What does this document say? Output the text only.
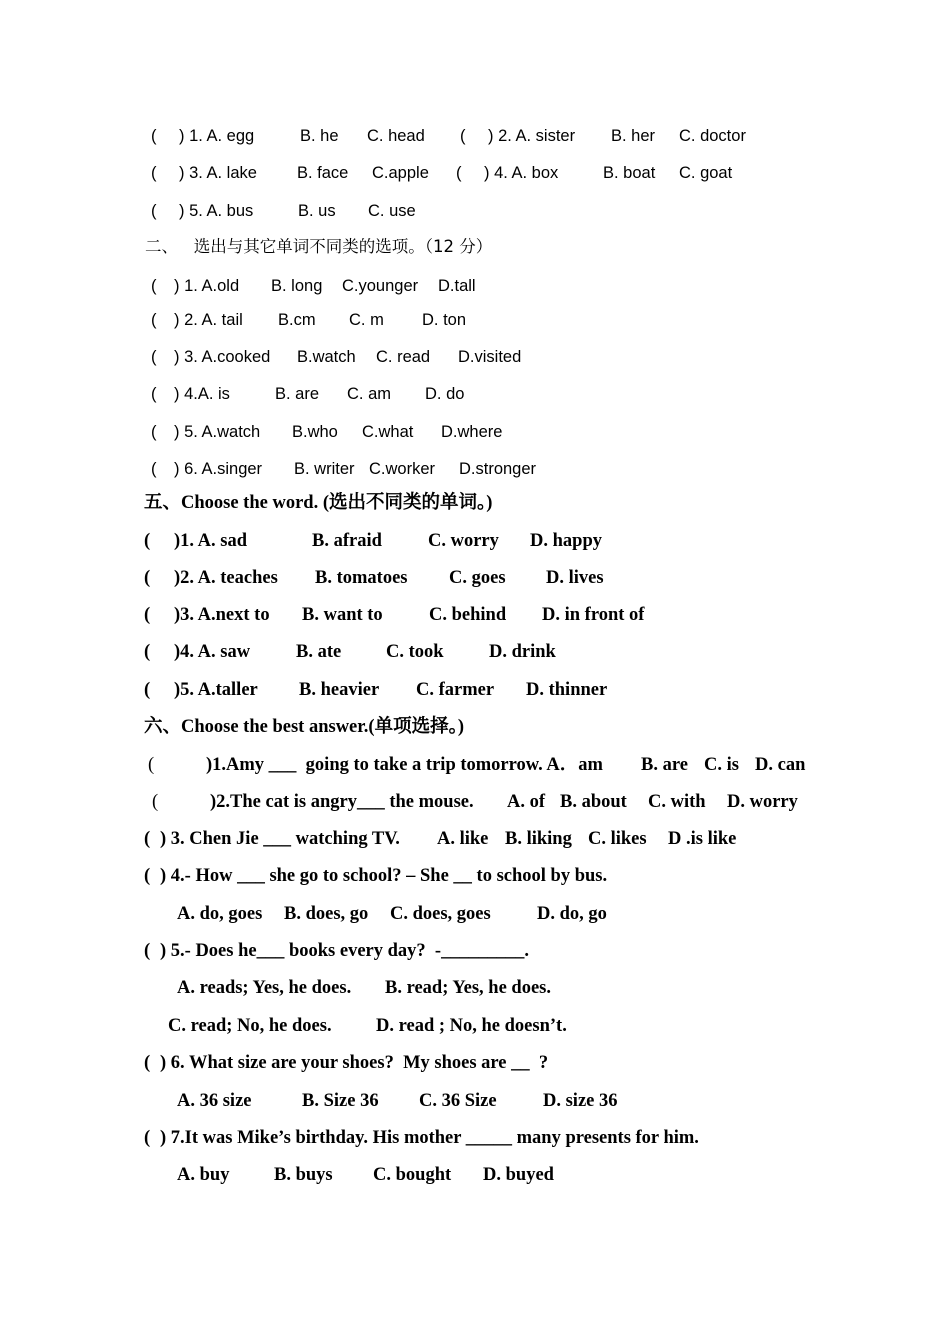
(

) 1. A. egg

	B. he

C. head

(

) 2. A. sister

B. her

C. doctor

(

) 3. A. lake

B. face

C.apple

(

) 4. A. box

	B. boat

C. goat

(

) 5. A. bus

	B. us

C. use

二、   选出与其它单词不同类的选项。（12 分）

(

) 1. A.old

B. long

C.younger

D.tall

(

) 2. A. tail

B.cm

C. m

D. ton

(

) 3. A.cooked

B.watch

C. read

D.visited

(

) 4.A. is

	B. are

C. am

D. do

(

) 5. A.watch

B.who

C.what

D.where

(

) 6. A.singer

B. writer

C.worker

D.stronger

五、Choose the word. (选出不同类的单词。)

(

)1. A. sad

	B. afraid

C. worry

D. happy

(

)2. A. teaches

B. tomatoes

C. goes

D. lives

(

)3. A.next to

B. want to

	C. behind

D. in front of

(

)4. A. saw

B. ate

C. took

D. drink

(

)5. A.taller

B. heavier

C. farmer

D. thinner

六、Choose the best answer.(单项选择。)

(

	)1.Amy ___  going to take a trip tomorrow. A．am

B. are

C. is

D. can

(

	)2.The cat is angry___ the mouse.

A. of

B. about

C. with

D. worry

(

) 3. Chen Jie ___ watching TV.

A. like

B. liking

C. likes

D .is like

(

) 4.- How ___ she go to school? – She __ to school by bus.

A. do, goes

B. does, go

C. does, goes

	D. do, go

(

) 5.- Does he___ books every day?  -_________.

A. reads; Yes, he does.

B. read; Yes, he does.

C. read; No, he does.

D. read ; No, he doesn’t.

(

) 6. What size are your shoes?  My shoes are __  ?

A. 36 size

	B. Size 36

C. 36 Size

	D. size 36

(

) 7.It was Mike’s birthday. His mother _____ many presents for him.

A. buy

B. buys

C. bought

D. buyed
